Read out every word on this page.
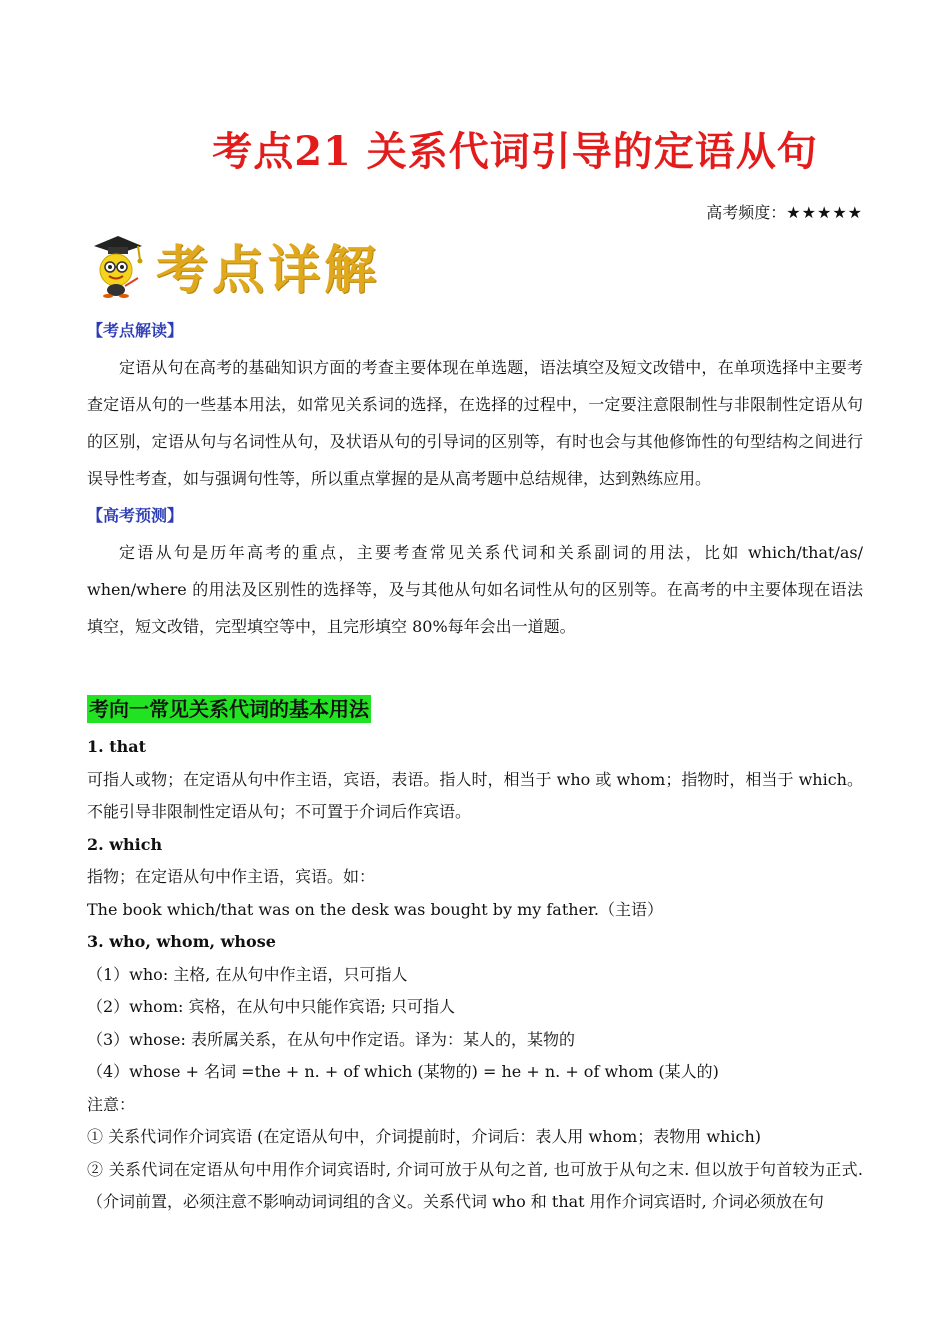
考点21 关系代词引导的定语从句
高考频度：★★★★★
考点详解

【考点解读】

定语从句在高考的基础知识方面的考查主要体现在单选题，语法填空及短文改错中，在单项选择中主要考查定语从句的一些基本用法，如常见关系词的选择，在选择的过程中，一定要注意限制性与非限制性定语从句的区别，定语从句与名词性从句，及状语从句的引导词的区别等，有时也会与其他修饰性的句型结构之间进行误导性考查，如与强调句性等，所以重点掌握的是从高考题中总结规律，达到熟练应用。

【高考预测】

定语从句是历年高考的重点，主要考查常见关系代词和关系副词的用法，比如 which/that/as/ when/where 的用法及区别性的选择等，及与其他从句如名词性从句的区别等。在高考的中主要体现在语法填空，短文改错，完型填空等中，且完形填空 80%每年会出一道题。

考向一常见关系代词的基本用法

1. that

可指人或物；在定语从句中作主语，宾语，表语。指人时，相当于 who 或 whom；指物时，相当于 which。不能引导非限制性定语从句；不可置于介词后作宾语。

2. which

指物；在定语从句中作主语，宾语。如：

The book which/that was on the desk was bought by my father.（主语）

3. who, whom, whose

（1）who: 主格, 在从句中作主语，只可指人

（2）whom: 宾格，在从句中只能作宾语; 只可指人

（3）whose: 表所属关系，在从句中作定语。译为：某人的，某物的

（4）whose + 名词 =the + n. + of which (某物的) = he + n. + of whom (某人的)

注意：

① 关系代词作介词宾语 (在定语从句中，介词提前时，介词后：表人用 whom；表物用 which)

② 关系代词在定语从句中用作介词宾语时, 介词可放于从句之首, 也可放于从句之末. 但以放于句首较为正式.（介词前置，必须注意不影响动词词组的含义。关系代词 who 和 that 用作介词宾语时, 介词必须放在句
